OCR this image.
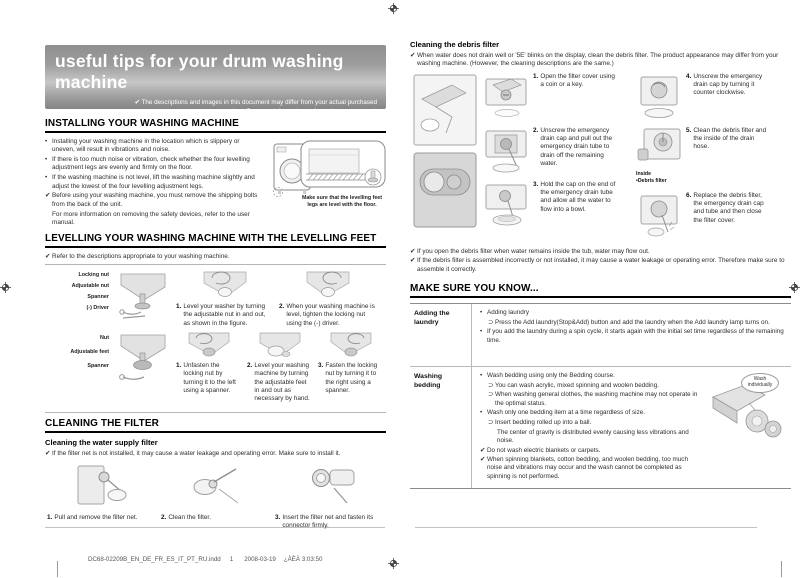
useful tips for your drum washing machine
✔ The descriptions and images in this document may differ from your actual purchased product. For more information, refer to the user manual.
INSTALLING YOUR WASHING MACHINE
• Installing your washing machine in the location which is slippery or uneven, will result in vibrations and noise.
• If there is too much noise or vibration, check whether the four levelling adjustment legs are evenly and firmly on the floor.
• If the washing machine is not level, lift the washing machine slightly and adjust the lowest of the four levelling adjustment legs.
✔ Before using your washing machine, you must remove the shipping bolts from the back of the unit.
For more information on removing the safety devices, refer to the user manual.
Make sure that the levelling feet legs are level with the floor.
LEVELLING YOUR WASHING MACHINE WITH THE LEVELLING FEET
✔ Refer to the descriptions appropriate to your washing machine.
Locking nut
Adjustable nut
Spanner
(-) Driver	1. Level your washer by turning the adjustable nut in and out, as shown in the figure.
2. When your washing machine is level, tighten the locking nut using the (-) driver.
Nut
Adjustable feet
Spanner	1. Unfasten the locking nut by turning it to the left using a spanner.
2. Level your washing machine by turning the adjustable feet in and out as necessary by hand.
3. Fasten the locking nut by turning it to the right using a spanner.
CLEANING THE FILTER
Cleaning the water supply filter
✔ If the filter net is not installed, it may cause a water leakage and operating error. Make sure to install it.
1. Pull and remove the filter net.	2. Clean the filter.	3. Insert the filter net and fasten its connector firmly.
Cleaning the debris filter
✔ When water does not drain well or '5E' blinks on the display, clean the debris filter. The product appearance may differ from your washing machine. (However, the cleaning descriptions are the same.)
1. Open the filter cover using a coin or a key.
2. Unscrew the emergency drain cap and pull out the emergency drain tube to drain off the remaining water.
3. Hold the cap on the end of the emergency drain tube and allow all the water to flow into a bowl.
4. Unscrew the emergency drain cap by turning it counter clockwise.
Inside
•Debris filter
5. Clean the debris filter and the inside of the drain hose.
6. Replace the debris filter, the emergency drain cap and tube and then close the filter cover.
✔ If you open the debris filter when water remains inside the tub, water may flow out.
✔ If the debris filter is assembled incorrectly or not installed, it may cause a water leakage or operating error. Therefore make sure to assemble it correctly.
MAKE SURE YOU KNOW...
Adding the laundry
• Adding laundry
⊃ Press the Add laundry(Stop&Add) button and add the laundry when the Add laundry lamp turns on.
• If you add the laundry during a spin cycle, it starts again with the initial set time regardless of the remaining time.
Washing bedding
• Wash bedding using only the Bedding course.
⊃ You can wash acrylic, mixed spinning and woolen bedding.
⊃ When washing general clothes, the washing machine may not operate in the optimal status.
• Wash only one bedding item at a time regardless of size.
⊃ Insert bedding rolled up into a ball.
The center of gravity is distributed evenly causing less vibrations and noise.
✔ Do not wash electric blankets or carpets.
✔ When spinning blankets, cotton bedding, and woolen bedding, too much noise and vibrations may occur and the wash cannot be completed as spinning is not performed.
Wash individually
DC68-02209B_EN_DE_FR_ES_IT_PT_RU.indd 1 2008-03-19 ¿ÀÈÄ 3:03:50
